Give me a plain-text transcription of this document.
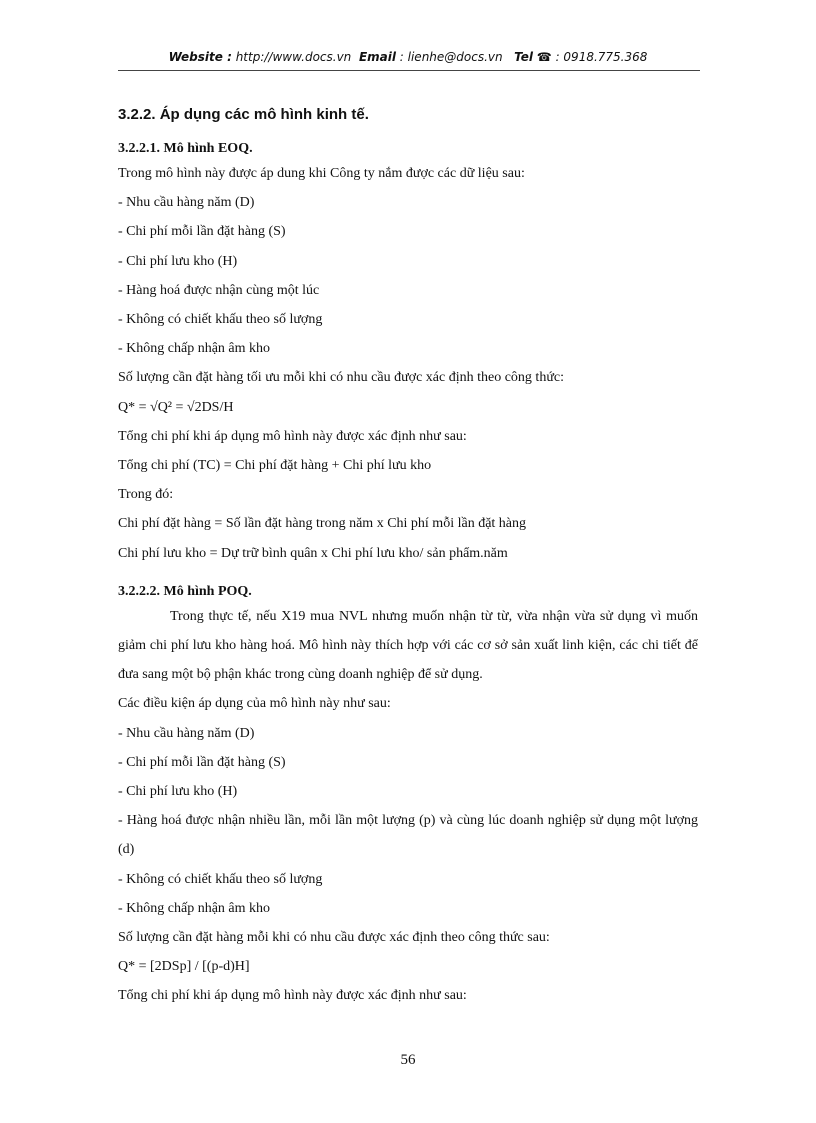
Website : http://www.docs.vn Email : lienhe@docs.vn Tel ☎ : 0918.775.368
3.2.2. Áp dụng các mô hình kinh tế.
3.2.2.1. Mô hình EOQ.
Trong mô hình này được áp dung khi Công ty nắm được các dữ liệu sau:
- Nhu cầu hàng năm (D)
- Chi phí mỗi lần đặt hàng (S)
- Chi phí lưu kho (H)
- Hàng hoá được nhận cùng một lúc
- Không có chiết khấu theo số lượng
- Không chấp nhận âm kho
Số lượng cần đặt hàng tối ưu mỗi khi có nhu cầu được xác định theo công thức:
Q* = √Q² = √2DS/H
Tổng chi phí khi áp dụng mô hình này được xác định như sau:
Tổng chi phí (TC) = Chi phí đặt hàng + Chi phí lưu kho
Trong đó:
Chi phí đặt hàng = Số lần đặt hàng trong năm x Chi phí mỗi lần đặt hàng
Chi phí lưu kho = Dự trữ bình quân x Chi phí lưu kho/ sản phẩm.năm
3.2.2.2. Mô hình POQ.
Trong thực tế, nếu X19 mua NVL nhưng muốn nhận từ từ, vừa nhận vừa sử dụng vì muốn giảm chi phí lưu kho hàng hoá. Mô hình này thích hợp với các cơ sở sản xuất linh kiện, các chi tiết để đưa sang một bộ phận khác trong cùng doanh nghiệp để sử dụng.
Các điều kiện áp dụng của mô hình này như sau:
- Nhu cầu hàng năm (D)
- Chi phí mỗi lần đặt hàng (S)
- Chi phí lưu kho (H)
- Hàng hoá được nhận nhiều lần, mỗi lần một lượng (p) và cùng lúc doanh nghiệp sử dụng một lượng (d)
- Không có chiết khấu theo số lượng
- Không chấp nhận âm kho
Số lượng cần đặt hàng mỗi khi có nhu cầu được xác định theo công thức sau:
Q* = [2DSp] / [(p-d)H]
Tổng chi phí khi áp dụng mô hình này được xác định như sau:
56
